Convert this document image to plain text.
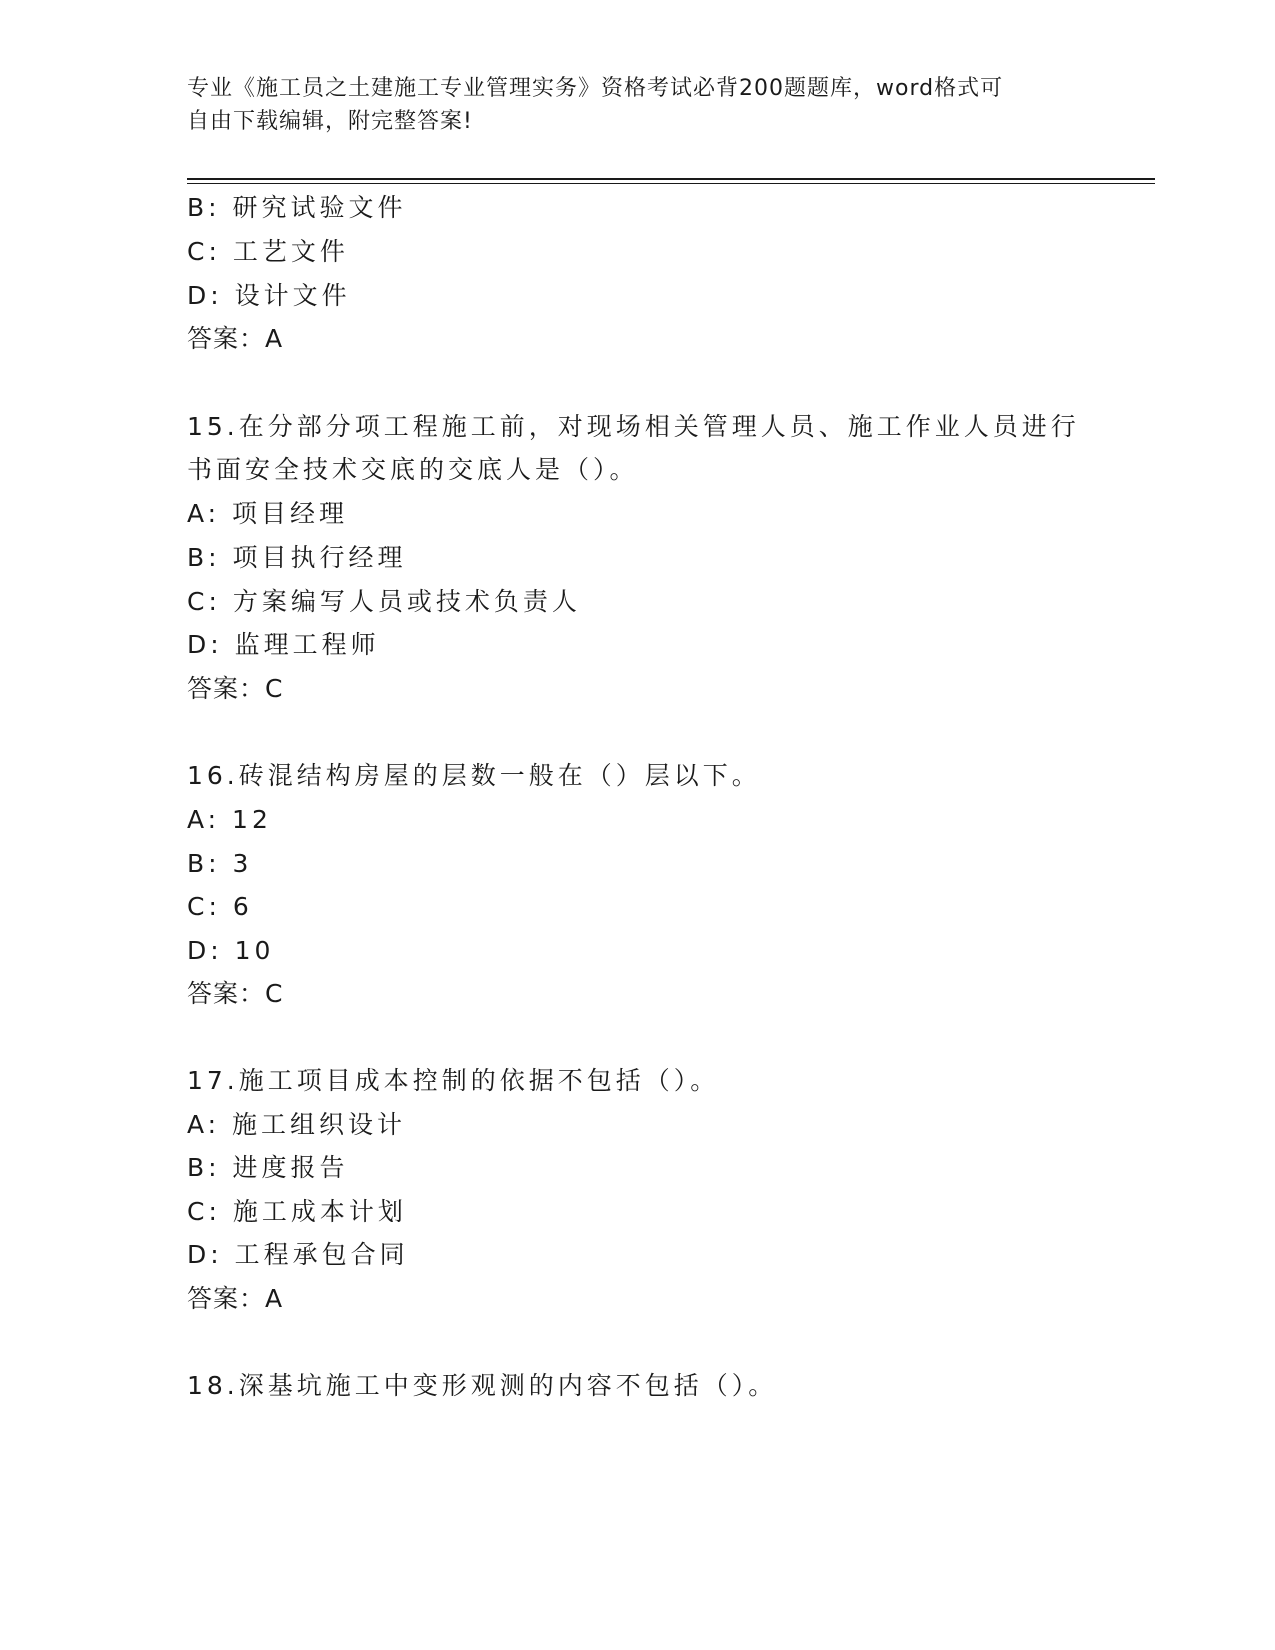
专业《施工员之土建施工专业管理实务》资格考试必背200题题库，word格式可
自由下载编辑，附完整答案!
B: 研究试验文件
C: 工艺文件
D: 设计文件
答案：A
15.在分部分项工程施工前，对现场相关管理人员、施工作业人员进行
书面安全技术交底的交底人是（）。
A: 项目经理
B: 项目执行经理
C: 方案编写人员或技术负责人
D: 监理工程师
答案：C
16.砖混结构房屋的层数一般在（）层以下。
A: 12
B: 3
C: 6
D: 10
答案：C
17.施工项目成本控制的依据不包括（）。
A: 施工组织设计
B: 进度报告
C: 施工成本计划
D: 工程承包合同
答案：A
18.深基坑施工中变形观测的内容不包括（）。
